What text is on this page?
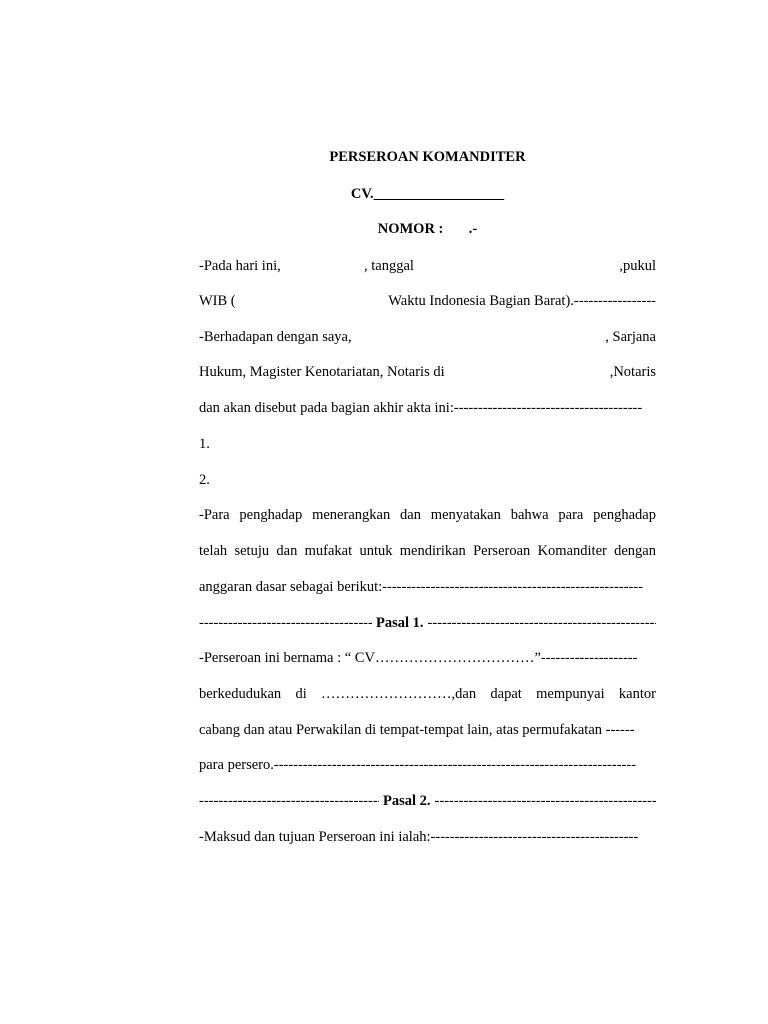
PERSEROAN KOMANDITER
CV.__________________
NOMOR : .-
-Pada hari ini,	, tanggal	,pukul
WIB (	Waktu Indonesia Bagian Barat).-----------------
-Berhadapan dengan saya,	, Sarjana
Hukum, Magister Kenotariatan, Notaris di	,Notaris
dan akan disebut pada bagian akhir akta ini:---------------------------------------
1.
2.
-Para penghadap menerangkan dan menyatakan bahwa para penghadap
telah setuju dan mufakat untuk mendirikan Perseroan Komanditer dengan
anggaran dasar sebagai berikut:------------------------------------------------------
-----
Pasal 1.
-----
-Perseroan ini bernama : “ CV……………………………”--------------------
berkedudukan di ………………………,dan dapat mempunyai kantor
cabang dan atau Perwakilan di tempat-tempat lain, atas permufakatan ------
para persero.---------------------------------------------------------------------------
-----
Pasal 2.
-----
-Maksud dan tujuan Perseroan ini ialah:-------------------------------------------
